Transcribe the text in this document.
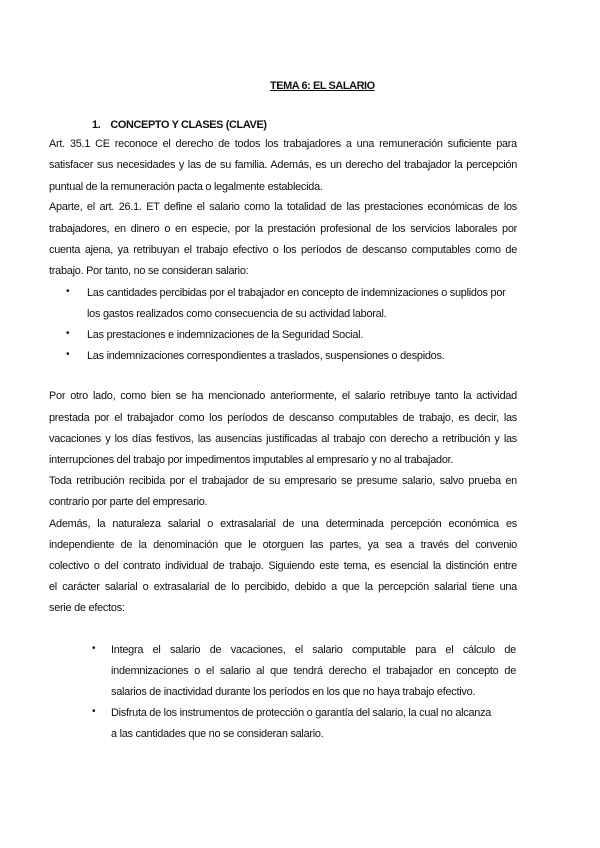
TEMA 6: EL SALARIO
1. CONCEPTO Y CLASES (CLAVE)
Art. 35.1 CE reconoce el derecho de todos los trabajadores a una remuneración suficiente para
satisfacer sus necesidades y las de su familia. Además, es un derecho del trabajador la percepción
puntual de la remuneración pacta o legalmente establecida.
Aparte, el art. 26.1. ET define el salario como la totalidad de las prestaciones económicas de los
trabajadores, en dinero o en especie, por la prestación profesional de los servicios laborales por
cuenta ajena, ya retribuyan el trabajo efectivo o los períodos de descanso computables como de
trabajo. Por tanto, no se consideran salario:
• Las cantidades percibidas por el trabajador en concepto de indemnizaciones o suplidos por
los gastos realizados como consecuencia de su actividad laboral.
• Las prestaciones e indemnizaciones de la Seguridad Social.
• Las indemnizaciones correspondientes a traslados, suspensiones o despidos.
Por otro lado, como bien se ha mencionado anteriormente, el salario retribuye tanto la actividad
prestada por el trabajador como los períodos de descanso computables de trabajo, es decir, las
vacaciones y los días festivos, las ausencias justificadas al trabajo con derecho a retribución y las
interrupciones del trabajo por impedimentos imputables al empresario y no al trabajador.
Toda retribución recibida por el trabajador de su empresario se presume salario, salvo prueba en
contrario por parte del empresario.
Además, la naturaleza salarial o extrasalarial de una determinada percepción económica es
independiente de la denominación que le otorguen las partes, ya sea a través del convenio
colectivo o del contrato individual de trabajo. Siguiendo este tema, es esencial la distinción entre
el carácter salarial o extrasalarial de lo percibido, debido a que la percepción salarial tiene una
serie de efectos:
• Integra el salario de vacaciones, el salario computable para el cálculo de
indemnizaciones o el salario al que tendrá derecho el trabajador en concepto de
salarios de inactividad durante los períodos en los que no haya trabajo efectivo.
• Disfruta de los instrumentos de protección o garantía del salario, la cual no alcanza
a las cantidades que no se consideran salario.
